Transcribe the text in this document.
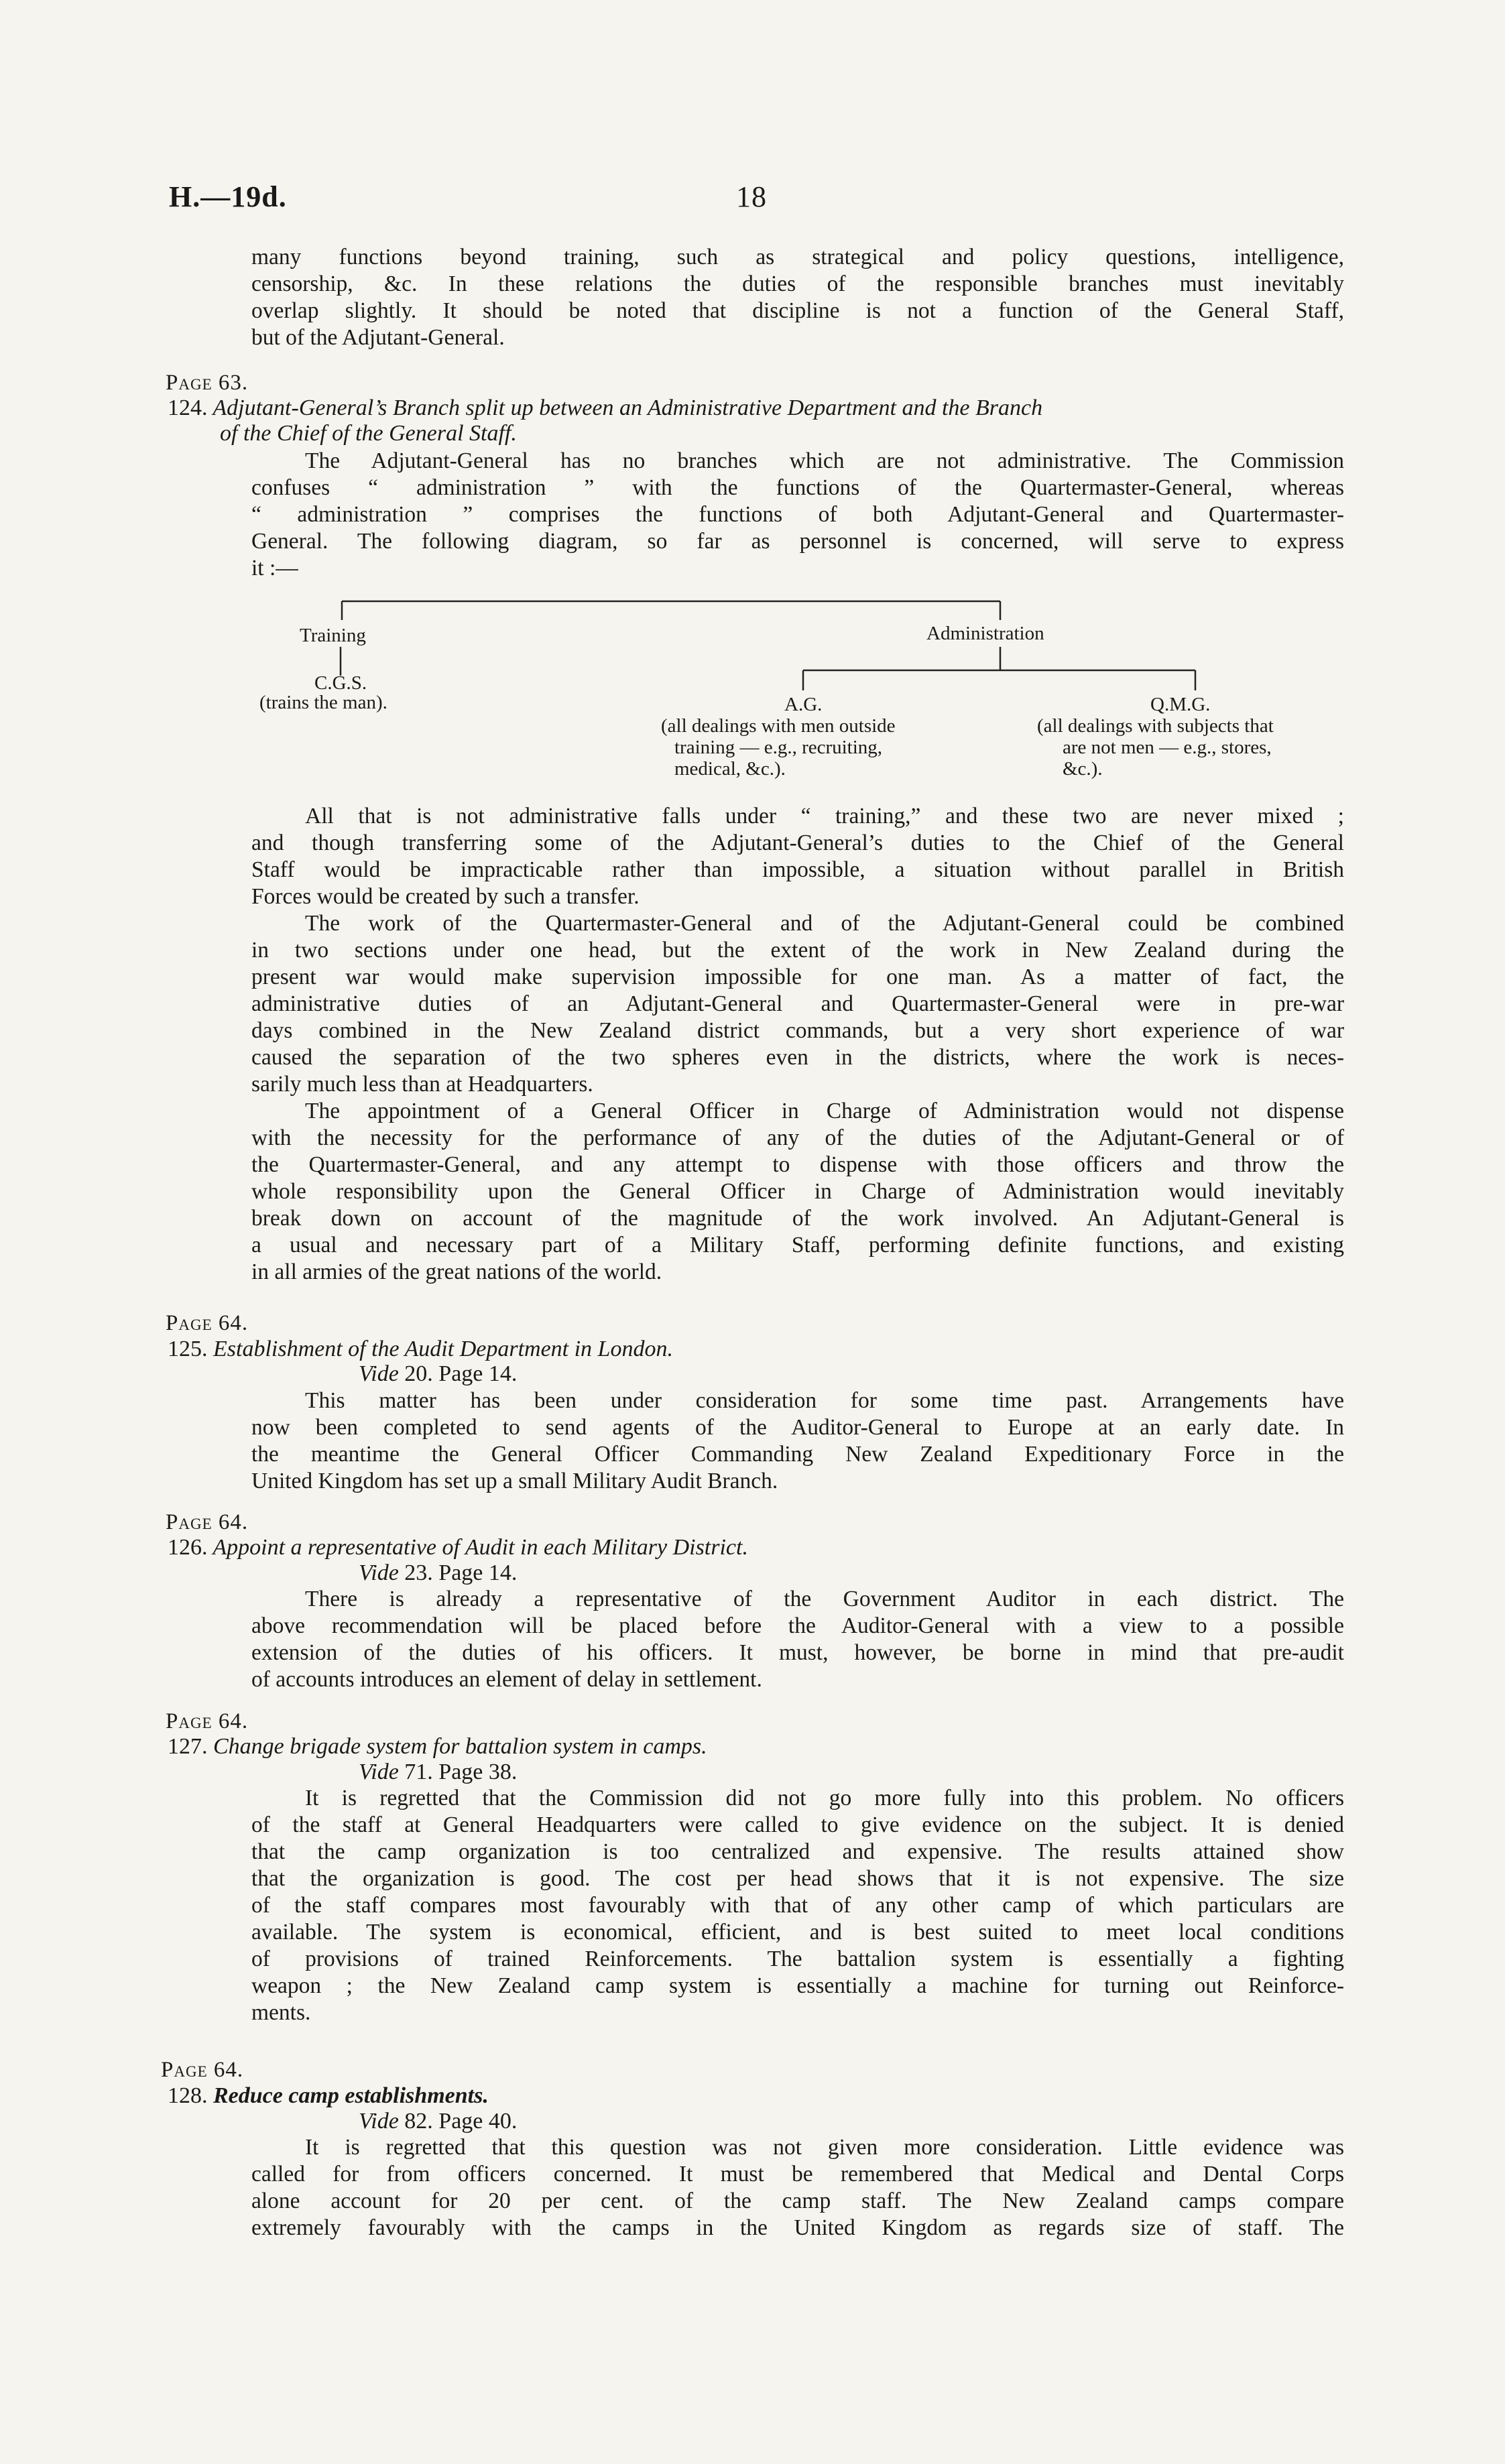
H.—19d.	18
many functions beyond training, such as strategical and policy questions, intelligence,
censorship, &c. In these relations the duties of the responsible branches must inevitably
overlap slightly. It should be noted that discipline is not a function of the General Staff,
but of the Adjutant-General.
Page 63.
124. Adjutant-General’s Branch split up between an Administrative Department and the Branch
of the Chief of the General Staff.
The Adjutant-General has no branches which are not administrative. The Commission
confuses “ administration ” with the functions of the Quartermaster-General, whereas
“ administration ” comprises the functions of both Adjutant-General and Quartermaster-
General. The following diagram, so far as personnel is concerned, will serve to express
it :—
Training	Administration
C.G.S.
(trains the man).	A.G.
(all dealings with men outside
training — e.g., recruiting,
medical, &c.).
Q.M.G.
(all dealings with subjects that
are not men — e.g., stores,
&c.).
All that is not administrative falls under “ training,” and these two are never mixed ;
and though transferring some of the Adjutant-General’s duties to the Chief of the General
Staff would be impracticable rather than impossible, a situation without parallel in British
Forces would be created by such a transfer.
The work of the Quartermaster-General and of the Adjutant-General could be combined
in two sections under one head, but the extent of the work in New Zealand during the
present war would make supervision impossible for one man. As a matter of fact, the
administrative duties of an Adjutant-General and Quartermaster-General were in pre-war
days combined in the New Zealand district commands, but a very short experience of war
caused the separation of the two spheres even in the districts, where the work is neces-
sarily much less than at Headquarters.
The appointment of a General Officer in Charge of Administration would not dispense
with the necessity for the performance of any of the duties of the Adjutant-General or of
the Quartermaster-General, and any attempt to dispense with those officers and throw the
whole responsibility upon the General Officer in Charge of Administration would inevitably
break down on account of the magnitude of the work involved. An Adjutant-General is
a usual and necessary part of a Military Staff, performing definite functions, and existing
in all armies of the great nations of the world.
Page 64.
125. Establishment of the Audit Department in London.
Vide 20. Page 14.
This matter has been under consideration for some time past. Arrangements have
now been completed to send agents of the Auditor-General to Europe at an early date. In
the meantime the General Officer Commanding New Zealand Expeditionary Force in the
United Kingdom has set up a small Military Audit Branch.
Page 64.
126. Appoint a representative of Audit in each Military District.
Vide 23. Page 14.
There is already a representative of the Government Auditor in each district. The
above recommendation will be placed before the Auditor-General with a view to a possible
extension of the duties of his officers. It must, however, be borne in mind that pre-audit
of accounts introduces an element of delay in settlement.
Page 64.
127. Change brigade system for battalion system in camps.
Vide 71. Page 38.
It is regretted that the Commission did not go more fully into this problem. No officers
of the staff at General Headquarters were called to give evidence on the subject. It is denied
that the camp organization is too centralized and expensive. The results attained show
that the organization is good. The cost per head shows that it is not expensive. The size
of the staff compares most favourably with that of any other camp of which particulars are
available. The system is economical, efficient, and is best suited to meet local conditions
of provisions of trained Reinforcements. The battalion system is essentially a fighting
weapon ; the New Zealand camp system is essentially a machine for turning out Reinforce-
ments.
Page 64.
128. Reduce camp establishments.
Vide 82. Page 40.
It is regretted that this question was not given more consideration. Little evidence was
called for from officers concerned. It must be remembered that Medical and Dental Corps
alone account for 20 per cent. of the camp staff. The New Zealand camps compare
extremely favourably with the camps in the United Kingdom as regards size of staff. The
